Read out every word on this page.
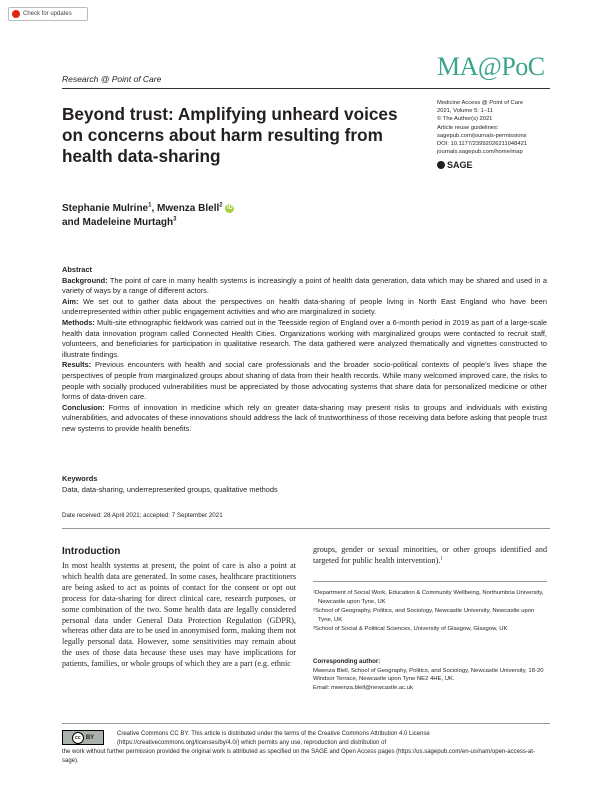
Check for updates
Research @ Point of Care	MA@PoC
Beyond trust: Amplifying unheard voices on concerns about harm resulting from health data-sharing
Medicine Access @ Point of Care
2021, Volume 5: 1–11
© The Author(s) 2021
Article reuse guidelines:
sagepub.com/journals-permissions
DOI: 10.1177/23992026211048421
journals.sagepub.com/home/map
SAGE
Stephanie Mulrine$^1$, Mwenza Blell$^2$ iD
and Madeleine Murtagh$^3$

Abstract

Background: The point of care in many health systems is increasingly a point of health data generation, data which may be shared and used in a variety of ways by a range of different actors.

Aim: We set out to gather data about the perspectives on health data-sharing of people living in North East England who have been underrepresented within other public engagement activities and who are marginalized in society.

Methods: Multi-site ethnographic fieldwork was carried out in the Teesside region of England over a 6-month period in 2019 as part of a large-scale health data innovation program called Connected Health Cities. Organizations working with marginalized groups were contacted to recruit staff, volunteers, and beneficiaries for participation in qualitative research. The data gathered were analyzed thematically and vignettes constructed to illustrate findings.

Results: Previous encounters with health and social care professionals and the broader socio-political contexts of people’s lives shape the perspectives of people from marginalized groups about sharing of data from their health records. While many welcomed improved care, the risks to people with socially produced vulnerabilities must be appreciated by those advocating systems that share data for personalized medicine or other forms of data-driven care.

Conclusion: Forms of innovation in medicine which rely on greater data-sharing may present risks to groups and individuals with existing vulnerabilities, and advocates of these innovations should address the lack of trustworthiness of those receiving data before asking that people trust new systems to provide health benefits.

Keywords
Data, data-sharing, underrepresented groups, qualitative methods
Date received: 28 April 2021; accepted: 7 September 2021
Introduction
In most health systems at present, the point of care is also a point at which health data are generated. In some cases, healthcare practitioners are being asked to act as points of contact for the consent or opt out process for data-sharing for direct clinical care, research purposes, or some combination of the two. Some health data are legally considered personal data under General Data Protection Regulation (GDPR), whereas other data are to be used in anonymised form, making them not legally personal data. However, some sensitivities may remain about the uses of those data because these uses may have implications for patients, families, or whole groups of which they are a part (e.g. ethnic
groups, gender or sexual minorities, or other groups identified and targeted for public health intervention).$^1$

¹Department of Social Work, Education & Community Wellbeing, Northumbria University, Newcastle upon Tyne, UK

²School of Geography, Politics, and Sociology, Newcastle University, Newcastle upon Tyne, UK

³School of Social & Political Sciences, University of Glasgow, Glasgow, UK

Corresponding author:
Mwenza Blell, School of Geography, Politics, and Sociology, Newcastle University, 18-20 Windsor Terrace, Newcastle upon Tyne NE2 4HE, UK.
Email: mwenza.blell@newcastle.ac.uk
cc BY
Creative Commons CC BY: This article is distributed under the terms of the Creative Commons Attribution 4.0 License (https://creativecommons.org/licenses/by/4.0/) which permits any use, reproduction and distribution of
the work without further permission provided the original work is attributed as specified on the SAGE and Open Access pages (https://us.sagepub.com/en-us/nam/open-access-at-sage).
